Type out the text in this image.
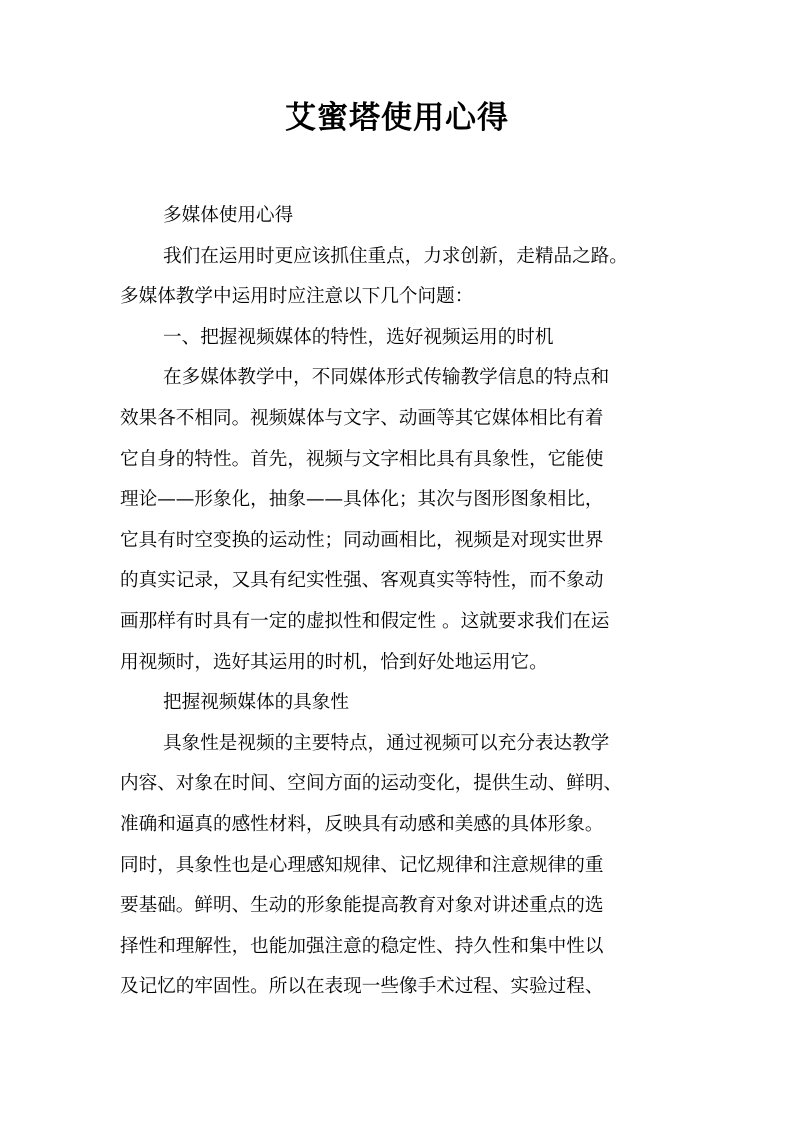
艾蜜塔使用心得
多媒体使用心得
我们在运用时更应该抓住重点，力求创新，走精品之路。
多媒体教学中运用时应注意以下几个问题：
一、把握视频媒体的特性，选好视频运用的时机
在多媒体教学中，不同媒体形式传输教学信息的特点和
效果各不相同。视频媒体与文字、动画等其它媒体相比有着
它自身的特性。首先，视频与文字相比具有具象性，它能使
理论——形象化，抽象——具体化；其次与图形图象相比，
它具有时空变换的运动性；同动画相比，视频是对现实世界
的真实记录，又具有纪实性强、客观真实等特性，而不象动
画那样有时具有一定的虚拟性和假定性 。这就要求我们在运
用视频时，选好其运用的时机，恰到好处地运用它。
把握视频媒体的具象性
具象性是视频的主要特点，通过视频可以充分表达教学
内容、对象在时间、空间方面的运动变化，提供生动、鲜明、
准确和逼真的感性材料，反映具有动感和美感的具体形象。
同时，具象性也是心理感知规律、记忆规律和注意规律的重
要基础。鲜明、生动的形象能提高教育对象对讲述重点的选
择性和理解性，也能加强注意的稳定性、持久性和集中性以
及记忆的牢固性。所以在表现一些像手术过程、实验过程、
